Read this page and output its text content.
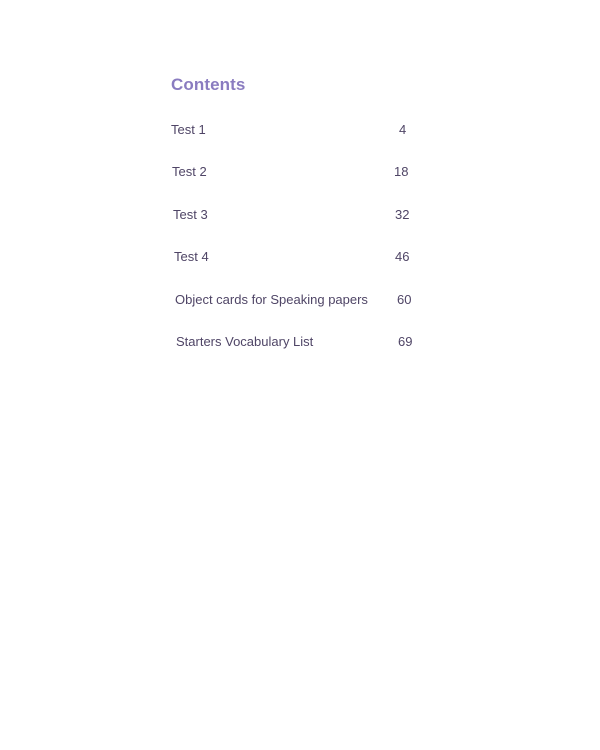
Contents
Test 1	4
Test 2	18
Test 3	32
Test 4	46
Object cards for Speaking papers 60
Starters Vocabulary List	69
